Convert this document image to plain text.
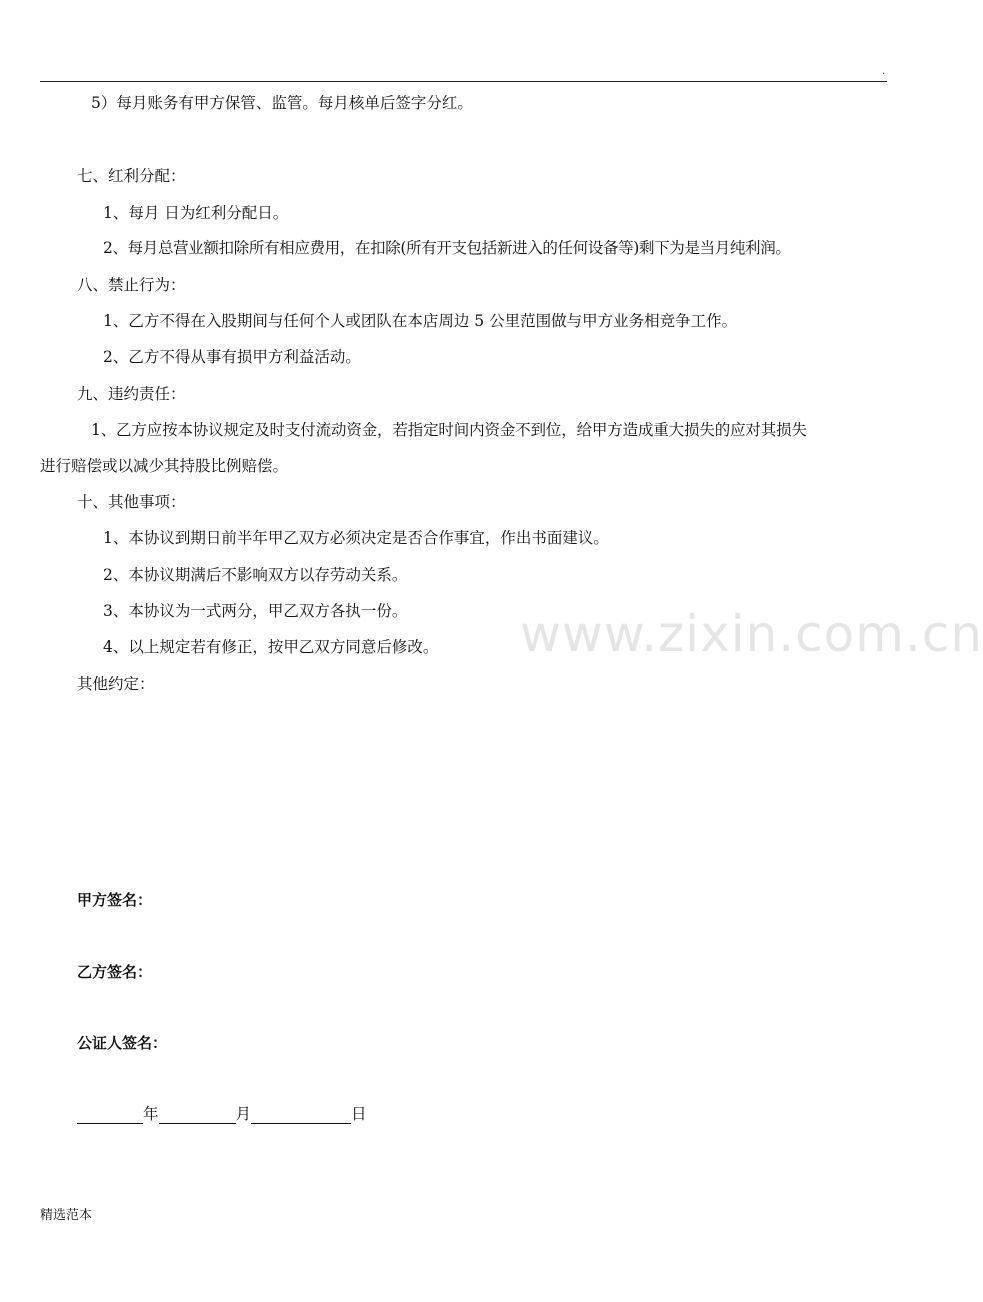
.
5）每月账务有甲方保管、监管。每月核单后签字分红。
七、红利分配：
1、每月 日为红利分配日。
2、每月总营业额扣除所有相应费用，在扣除(所有开支包括新进入的任何设备等)剩下为是当月纯利润。
八、禁止行为：
1、乙方不得在入股期间与任何个人或团队在本店周边 5 公里范围做与甲方业务相竞争工作。
2、乙方不得从事有损甲方利益活动。
九、违约责任：
1、乙方应按本协议规定及时支付流动资金，若指定时间内资金不到位，给甲方造成重大损失的应对其损失
进行赔偿或以减少其持股比例赔偿。
十、其他事项：
1、本协议到期日前半年甲乙双方必须决定是否合作事宜，作出书面建议。
2、本协议期满后不影响双方以存劳动关系。
3、本协议为一式两分，甲乙双方各执一份。
4、以上规定若有修正，按甲乙双方同意后修改。
其他约定：
www.zixin.com.cn
甲方签名：
乙方签名：
公证人签名：
年	月	日
精选范本
